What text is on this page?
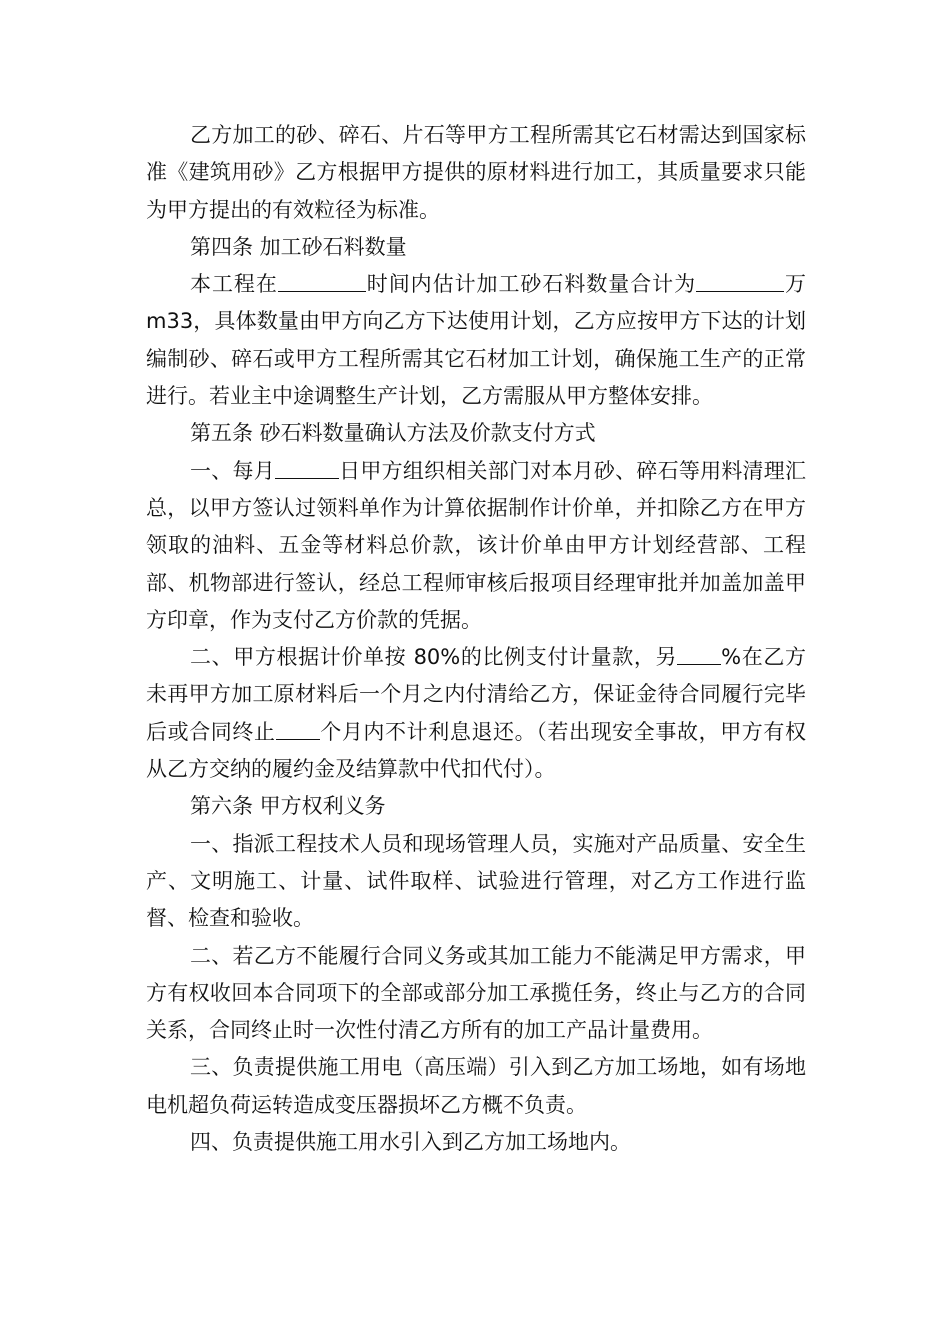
乙方加工的砂、碎石、片石等甲方工程所需其它石材需达到国家标准《建筑用砂》乙方根据甲方提供的原材料进行加工，其质量要求只能为甲方提出的有效粒径为标准。

第四条 加工砂石料数量

本工程在	时间内估计加工砂石料数量合计为	万 m33，具体数量由甲方向乙方下达使用计划，乙方应按甲方下达的计划编制砂、碎石或甲方工程所需其它石材加工计划，确保施工生产的正常进行。若业主中途调整生产计划，乙方需服从甲方整体安排。

第五条 砂石料数量确认方法及价款支付方式

一、每月	日甲方组织相关部门对本月砂、碎石等用料清理汇总，以甲方签认过领料单作为计算依据制作计价单，并扣除乙方在甲方领取的油料、五金等材料总价款，该计价单由甲方计划经营部、工程部、机物部进行签认，经总工程师审核后报项目经理审批并加盖加盖甲方印章，作为支付乙方价款的凭据。

二、甲方根据计价单按 80%的比例支付计量款，另 %在乙方未再甲方加工原材料后一个月之内付清给乙方，保证金待合同履行完毕后或合同终止 个月内不计利息退还。（若出现安全事故，甲方有权从乙方交纳的履约金及结算款中代扣代付）。

第六条 甲方权利义务

一、指派工程技术人员和现场管理人员，实施对产品质量、安全生产、文明施工、计量、试件取样、试验进行管理，对乙方工作进行监督、检查和验收。

二、若乙方不能履行合同义务或其加工能力不能满足甲方需求，甲方有权收回本合同项下的全部或部分加工承揽任务，终止与乙方的合同关系，合同终止时一次性付清乙方所有的加工产品计量费用。

三、负责提供施工用电（高压端）引入到乙方加工场地，如有场地电机超负荷运转造成变压器损坏乙方概不负责。

四、负责提供施工用水引入到乙方加工场地内。
